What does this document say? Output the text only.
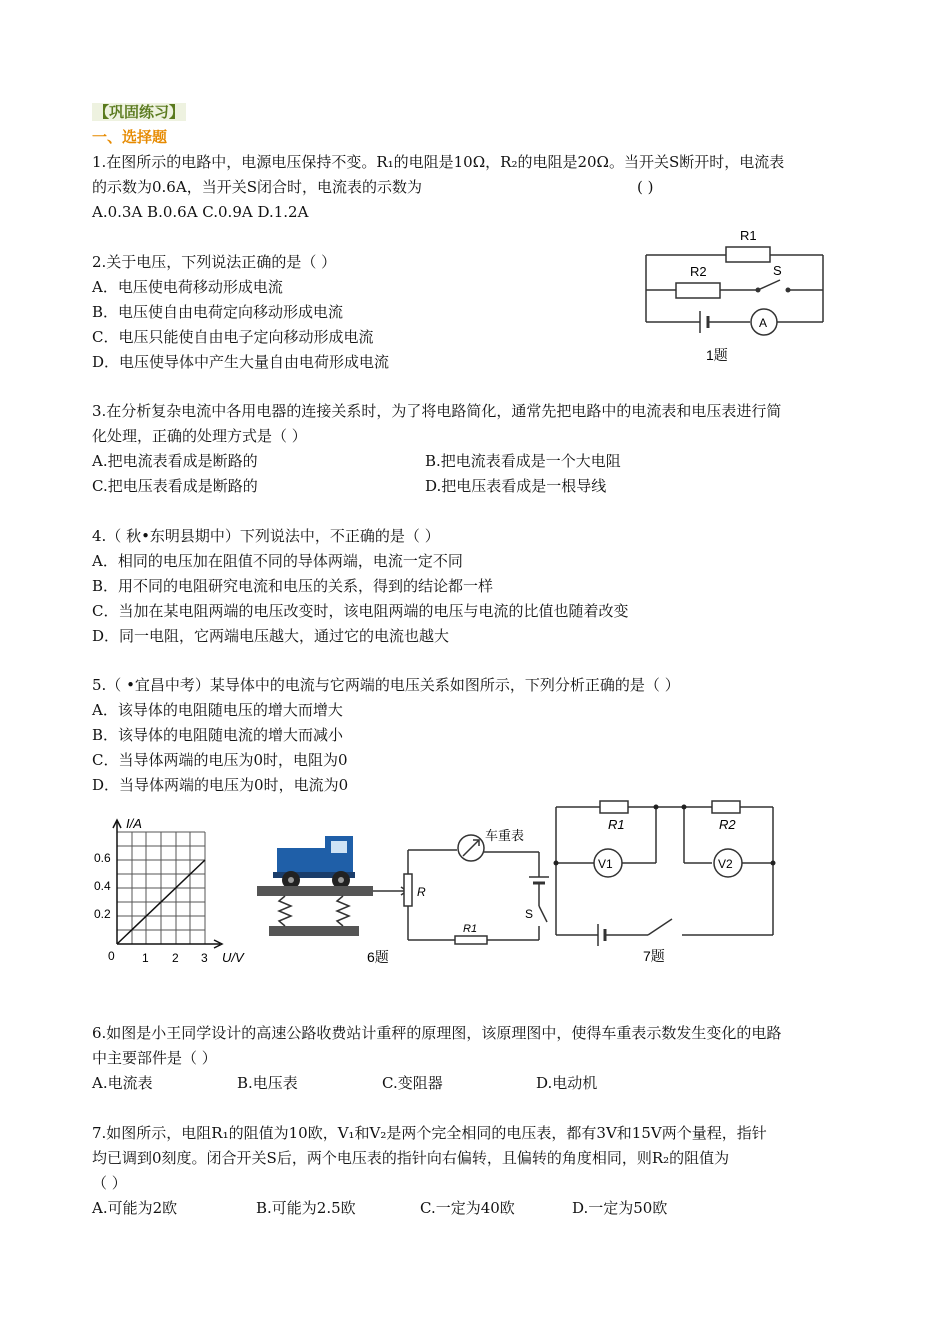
【巩固练习】
一、选择题
1.在图所示的电路中，电源电压保持不变。R₁的电阻是10Ω，R₂的电阻是20Ω。当开关S断开时，电流表
的示数为0.6A，当开关S闭合时，电流表的示数为	( )
A.0.3A B.0.6A C.0.9A D.1.2A
R1
R2	S
A
1题
2.关于电压，下列说法正确的是（ ）
A．电压使电荷移动形成电流
B．电压使自由电荷定向移动形成电流
C．电压只能使自由电子定向移动形成电流
D．电压使导体中产生大量自由电荷形成电流
3.在分析复杂电流中各用电器的连接关系时，为了将电路简化，通常先把电路中的电流表和电压表进行简
化处理，正确的处理方式是（ ）
A.把电流表看成是断路的	B.把电流表看成是一个大电阻
C.把电压表看成是断路的	D.把电压表看成是一根导线
4.（ 秋•东明县期中）下列说法中，不正确的是（ ）
A．相同的电压加在阻值不同的导体两端，电流一定不同
B．用不同的电阻研究电流和电压的关系，得到的结论都一样
C．当加在某电阻两端的电压改变时，该电阻两端的电压与电流的比值也随着改变
D．同一电阻，它两端电压越大，通过它的电流也越大
5.（ •宜昌中考）某导体中的电流与它两端的电压关系如图所示，下列分析正确的是（ ）
A．该导体的电阻随电压的增大而增大
B．该导体的电阻随电流的增大而减小
C．当导体两端的电压为0时，电阻为0
D．当导体两端的电压为0时，电流为0
I/A
U/V
0.6
0.4
0.2
0 1 2 3
车重表
R
R1
S
6题
R1	R2
V1	V2
7题
6.如图是小王同学设计的高速公路收费站计重秤的原理图，该原理图中，使得车重表示数发生变化的电路
中主要部件是（ ）
A.电流表	B.电压表	C.变阻器	D.电动机
7.如图所示，电阻R₁的阻值为10欧，V₁和V₂是两个完全相同的电压表，都有3V和15V两个量程，指针
均已调到0刻度。闭合开关S后，两个电压表的指针向右偏转，且偏转的角度相同，则R₂的阻值为
（ ）
A.可能为2欧	B.可能为2.5欧	C.一定为40欧	D.一定为50欧
